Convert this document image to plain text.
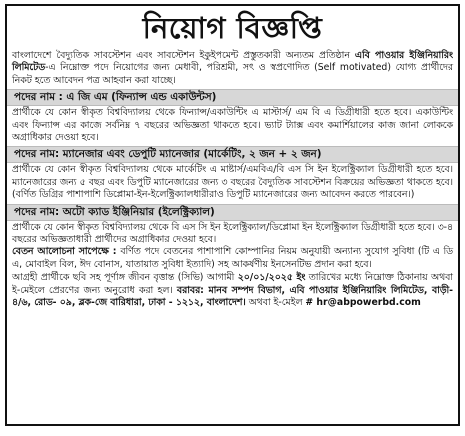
নিয়োগ বিজ্ঞপ্তি

বাংলাদেশে বৈদ্যুতিক সাবস্টেশন এবং সাবস্টেশন ইকুইপমেন্ট প্রস্তুতকারী অন্যতম প্রতিষ্ঠান এবি পাওয়ার ইঞ্জিনিয়ারিং লিমিটেড-এ নিম্নোক্ত পদে নিয়োগের জন্য মেধাবী, পরিশ্রমী, সৎ ও স্বপ্রণোদিত (Self motivated) যোগ্য প্রার্থীদের নিকট হতে আবেদন পত্র আহবান করা যাচ্ছে।

পদের নাম : এ জি এম (ফিন্যান্স এন্ড একাউন্টস)

প্রার্থীকে যে কোন স্বীকৃত বিশ্ববিদ্যালয় থেকে ফিন্যান্স/একাউন্টিং এ মাস্টার্স/ এম বি এ ডিগ্রীধারী হতে হবে। একাউন্টিং এবং ফিন্যান্স এর কাজে সর্বনিম্ন ৭ বছরের অভিজ্ঞতা থাকতে হবে। ভ্যাট ট্যাক্স এবং কমার্শিয়ালের কাজ জানা লোককে অগ্রাধিকার দেওয়া হবে।

পদের নাম: ম্যানেজার এবং ডেপুটি ম্যানেজার (মার্কেটিং, ২ জন + ২ জন)

প্রার্থীকে যে কোন স্বীকৃত বিশ্ববিদ্যালয় থেকে মার্কেটিং এ মাষ্টার্স/এমবিএ/বি এস সি ইন ইলেক্ট্রিক্যাল ডিগ্রীধারী হতে হবে। ম্যানেজারের জন্য ৫ বছর এবং ডিপুটি ম্যানেজারের জন্য ৩ বছরের বৈদ্যুতিক সাবস্টেশন বিক্রয়ের অভিজ্ঞতা থাকতে হবে। (বর্ণিত ডিগ্রির পাশাপাশি ডিপ্লোমা-ইন-ইলেক্ট্রিক্যালধারীরাও ডিপুটি ম্যানেজারের জন্য আবেদন করতে পারবেন।)

পদের নাম: অটো ক্যাড ইঞ্জিনিয়ার (ইলেক্ট্রিক্যাল)

প্রার্থীকে যে কোন স্বীকৃত বিশ্ববিদ্যালয় থেকে বি এস সি ইন ইলেক্ট্রিক্যাল/ডিপ্লোমা ইন ইলেক্ট্রিক্যাল ডিগ্রীধারী হতে হবে। ৩-৪ বছরের অভিজ্ঞতাধারী প্রার্থীদের অগ্রাধিকার দেওয়া হবে।

বেতন আলোচনা সাপেক্ষে : বর্ণিত পদে বেতনের পাশাপাশি কোম্পানির নিয়ম অনুযায়ী অন্যান্য সুযোগ সুবিধা (টি এ ডি এ, মোবাইল বিল, ঈদ বোনাস, যাতায়াত সুবিধা ইত্যাদি) সহ আকর্ষণীয় ইনসেনটিভ প্রদান করা হবে।

আগ্রহী প্রার্থীকে ছবি সহ পূর্ণাঙ্গ জীবন বৃত্তান্ত (সিভি) আগামী ২০/০১/২০২৫ ইং তারিখের মধ্যে নিম্নোক্ত ঠিকানায় অথবা ই-মেইলে প্রেরণের জন্য অনুরোধ করা হল। বরাবর: মানব সম্পদ বিভাগ, এবি পাওয়ার ইঞ্জিনিয়ারিং লিমিটেড, বাড়ী- ৪/৬, রোড- ০৯, ব্লক-জে বারিধারা, ঢাকা - ১২১২, বাংলাদেশ। অথবা ই-মেইল # hr@abpowerbd.com
